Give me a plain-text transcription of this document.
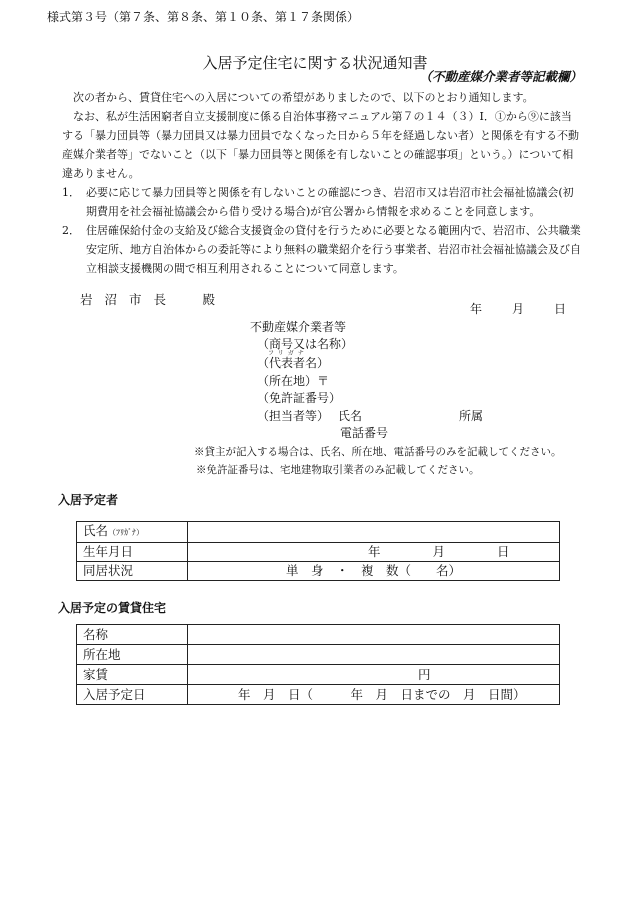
様式第３号（第７条、第８条、第１０条、第１７条関係）
入居予定住宅に関する状況通知書
（不動産媒介業者等記載欄）

次の者から、賃貸住宅への入居についての希望がありましたので、以下のとおり通知します。

なお、私が生活困窮者自立支援制度に係る自治体事務マニュアル第７の１４（３）Ⅰ．①から⑨に該当する「暴力団員等（暴力団員又は暴力団員でなくなった日から５年を経過しない者）と関係を有する不動産媒介業者等」でないこと（以下「暴力団員等と関係を有しないことの確認事項」という。）について相違ありません。

1． 必要に応じて暴力団員等と関係を有しないことの確認につき、岩沼市又は岩沼市社会福祉協議会(初期費用を社会福祉協議会から借り受ける場合)が官公署から情報を求めることを同意します。

2． 住居確保給付金の支給及び総合支援資金の貸付を行うために必要となる範囲内で、岩沼市、公共職業安定所、地方自治体からの委託等により無料の職業紹介を行う事業者、岩沼市社会福祉協議会及び自立相談支援機関の間で相互利用されることについて同意します。

岩沼市長　殿
年	月	日
不動産媒介業者等
（商号又は名称）
フリガナ
（代表者名）
（所在地）〒
（免許証番号）
（担当者等） 氏名	所属
電話番号
※貸主が記入する場合は、氏名、所在地、電話番号のみを記載してください。
※免許証番号は、宅地建物取引業者のみ記載してください。
入居予定者
氏名（ﾌﾘｶﾞﾅ）	
生年月日	年 月 日
同居状況	単　身　・　複　数（　　名）
入居予定の賃貸住宅
名称	
所在地	
家賃	円
入居予定日	年　月　日（　　　年　月　日までの　月　日間）
